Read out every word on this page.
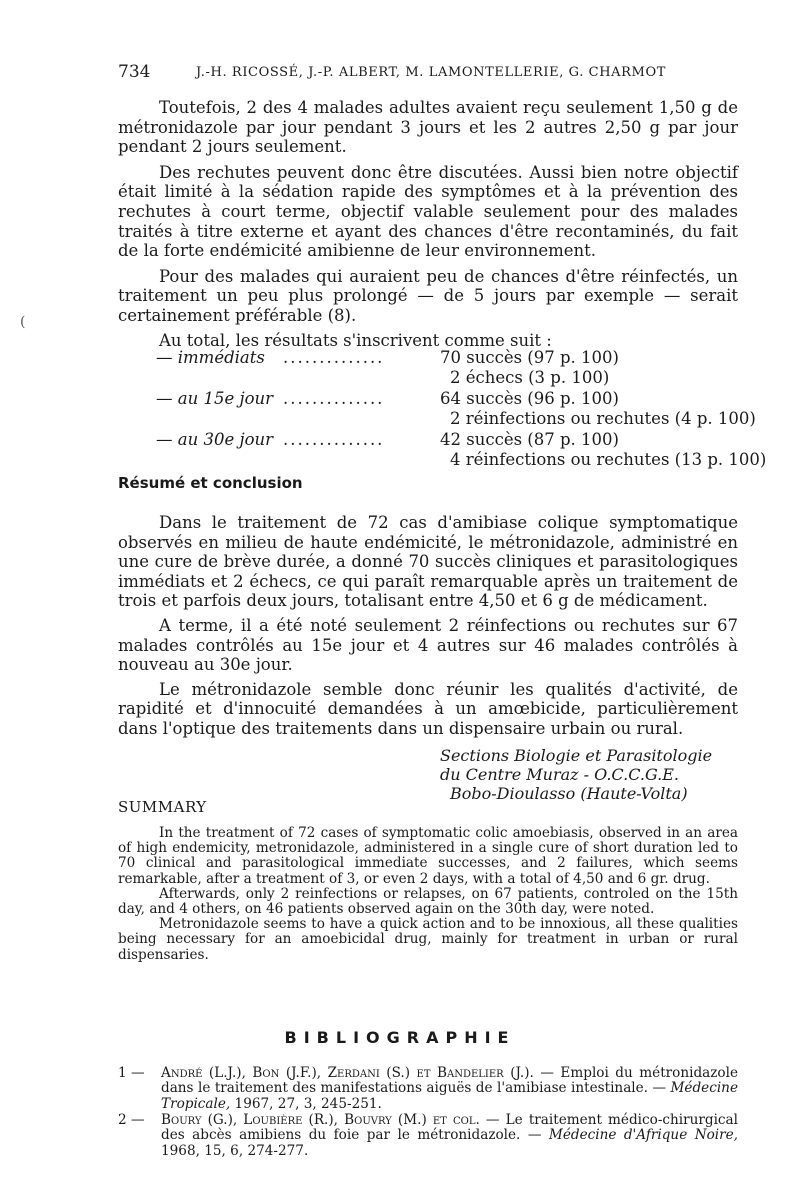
734	J.-H. RICOSSÉ, J.-P. ALBERT, M. LAMONTELLERIE, G. CHARMOT
(

Toutefois, 2 des 4 malades adultes avaient reçu seulement 1,50 g de métronidazole par jour pendant 3 jours et les 2 autres 2,50 g par jour pendant 2 jours seulement.

Des rechutes peuvent donc être discutées. Aussi bien notre objectif était limité à la sédation rapide des symptômes et à la prévention des rechutes à court terme, objectif valable seulement pour des malades traités à titre externe et ayant des chances d'être recontaminés, du fait de la forte endémicité amibienne de leur environnement.

Pour des malades qui auraient peu de chances d'être réinfectés, un traitement un peu plus prolongé — de 5 jours par exemple — serait certainement préférable (8).

Au total, les résultats s'inscrivent comme suit :

— immédiats ..............	70 succès (97 p. 100)
2 échecs (3 p. 100)
— au 15e jour ..............	64 succès (96 p. 100)
2 réinfections ou rechutes (4 p. 100)
— au 30e jour ..............	42 succès (87 p. 100)
4 réinfections ou rechutes (13 p. 100)
Résumé et conclusion

Dans le traitement de 72 cas d'amibiase colique symptomatique observés en milieu de haute endémicité, le métronidazole, administré en une cure de brève durée, a donné 70 succès cliniques et parasitologiques immédiats et 2 échecs, ce qui paraît remarquable après un traitement de trois et parfois deux jours, totalisant entre 4,50 et 6 g de médicament.

A terme, il a été noté seulement 2 réinfections ou rechutes sur 67 malades contrôlés au 15e jour et 4 autres sur 46 malades contrôlés à nouveau au 30e jour.

Le métronidazole semble donc réunir les qualités d'activité, de rapidité et d'innocuité demandées à un amœbicide, particulièrement dans l'optique des traitements dans un dispensaire urbain ou rural.

Sections Biologie et Parasitologie
du Centre Muraz - O.C.C.G.E.
Bobo-Dioulasso (Haute-Volta)
SUMMARY

In the treatment of 72 cases of symptomatic colic amoebiasis, observed in an area of high endemicity, metronidazole, administered in a single cure of short duration led to 70 clinical and parasitological immediate successes, and 2 failures, which seems remarkable, after a treatment of 3, or even 2 days, with a total of 4,50 and 6 gr. drug.

Afterwards, only 2 reinfections or relapses, on 67 patients, controled on the 15th day, and 4 others, on 46 patients observed again on the 30th day, were noted.

Metronidazole seems to have a quick action and to be innoxious, all these qualities being necessary for an amoebicidal drug, mainly for treatment in urban or rural dispensaries.

BIBLIOGRAPHIE
1 — André (L.J.), Bon (J.F.), Zerdani (S.) et Bandelier (J.). — Emploi du métronidazole dans le traitement des manifestations aiguës de l'amibiase intestinale. — Médecine Tropicale, 1967, 27, 3, 245-251.
2 — Boury (G.), Loubière (R.), Bouvry (M.) et col. — Le traitement médico-chirurgical des abcès amibiens du foie par le métronidazole. — Médecine d'Afrique Noire, 1968, 15, 6, 274-277.
